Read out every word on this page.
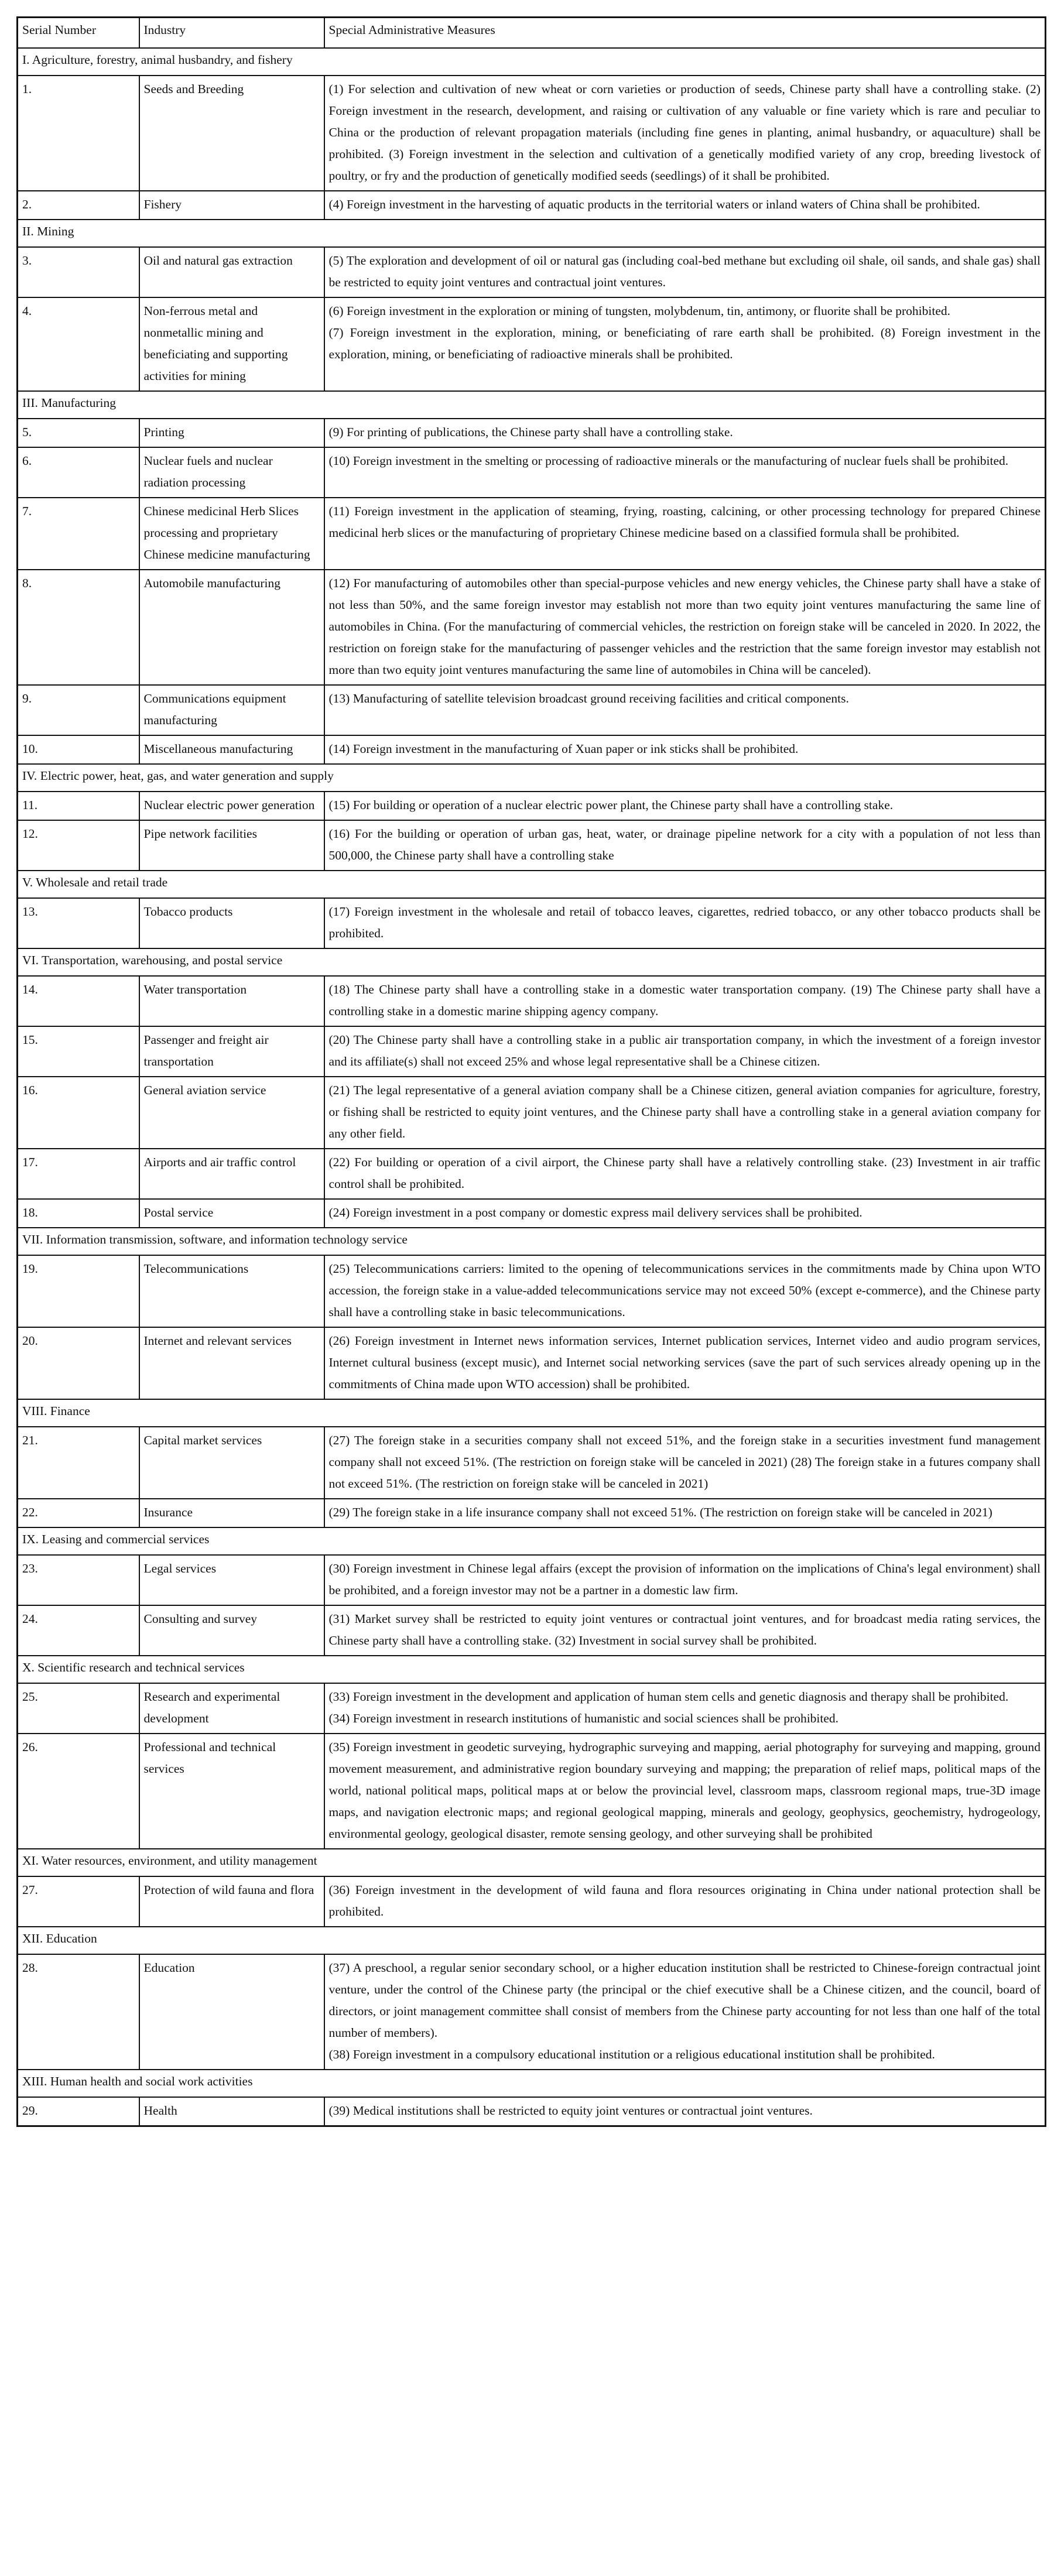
Serial Number	Industry	Special Administrative Measures
I. Agriculture, forestry, animal husbandry, and fishery		
1.	Seeds and Breeding	(1) For selection and cultivation of new wheat or corn varieties or production of seeds, Chinese party shall have a controlling stake. (2) Foreign investment in the research, development, and raising or cultivation of any valuable or fine variety which is rare and peculiar to China or the production of relevant propagation materials (including fine genes in planting, animal husbandry, or aquaculture) shall be prohibited. (3) Foreign investment in the selection and cultivation of a genetically modified variety of any crop, breeding livestock of poultry, or fry and the production of genetically modified seeds (seedlings) of it shall be prohibited.

2.	Fishery	(4) Foreign investment in the harvesting of aquatic products in the territorial waters or inland waters of China shall be prohibited.

II. Mining		
3.	Oil and natural gas extraction	(5) The exploration and development of oil or natural gas (including coal-bed methane but excluding oil shale, oil sands, and shale gas) shall be restricted to equity joint ventures and contractual joint ventures.

4.	Non-ferrous metal and nonmetallic mining and beneficiating and supporting activities for mining	(6) Foreign investment in the exploration or mining of tungsten, molybdenum, tin, antimony, or fluorite shall be prohibited.
(7) Foreign investment in the exploration, mining, or beneficiating of rare earth shall be prohibited. (8) Foreign investment in the exploration, mining, or beneficiating of radioactive minerals shall be prohibited.

III. Manufacturing		
5.	Printing	(9) For printing of publications, the Chinese party shall have a controlling stake.

6.	Nuclear fuels and nuclear radiation processing	(10) Foreign investment in the smelting or processing of radioactive minerals or the manufacturing of nuclear fuels shall be prohibited.

7.	Chinese medicinal Herb Slices processing and proprietary Chinese medicine manufacturing	(11) Foreign investment in the application of steaming, frying, roasting, calcining, or other processing technology for prepared Chinese medicinal herb slices or the manufacturing of proprietary Chinese medicine based on a classified formula shall be prohibited.

8.	Automobile manufacturing	(12) For manufacturing of automobiles other than special-purpose vehicles and new energy vehicles, the Chinese party shall have a stake of not less than 50%, and the same foreign investor may establish not more than two equity joint ventures manufacturing the same line of automobiles in China. (For the manufacturing of commercial vehicles, the restriction on foreign stake will be canceled in 2020. In 2022, the restriction on foreign stake for the manufacturing of passenger vehicles and the restriction that the same foreign investor may establish not more than two equity joint ventures manufacturing the same line of automobiles in China will be canceled).

9.	Communications equipment manufacturing	(13) Manufacturing of satellite television broadcast ground receiving facilities and critical components.

10.	Miscellaneous manufacturing	(14) Foreign investment in the manufacturing of Xuan paper or ink sticks shall be prohibited.

IV. Electric power, heat, gas, and water generation and supply		
11.	Nuclear electric power generation	(15) For building or operation of a nuclear electric power plant, the Chinese party shall have a controlling stake.

12.	Pipe network facilities	(16) For the building or operation of urban gas, heat, water, or drainage pipeline network for a city with a population of not less than 500,000, the Chinese party shall have a controlling stake

V. Wholesale and retail trade		
13.	Tobacco products	(17) Foreign investment in the wholesale and retail of tobacco leaves, cigarettes, redried tobacco, or any other tobacco products shall be prohibited.

VI. Transportation, warehousing, and postal service		
14.	Water transportation	(18) The Chinese party shall have a controlling stake in a domestic water transportation company. (19) The Chinese party shall have a controlling stake in a domestic marine shipping agency company.

15.	Passenger and freight air transportation	(20) The Chinese party shall have a controlling stake in a public air transportation company, in which the investment of a foreign investor and its affiliate(s) shall not exceed 25% and whose legal representative shall be a Chinese citizen.

16.	General aviation service	(21) The legal representative of a general aviation company shall be a Chinese citizen, general aviation companies for agriculture, forestry, or fishing shall be restricted to equity joint ventures, and the Chinese party shall have a controlling stake in a general aviation company for any other field.

17.	Airports and air traffic control	(22) For building or operation of a civil airport, the Chinese party shall have a relatively controlling stake. (23) Investment in air traffic control shall be prohibited.

18.	Postal service	(24) Foreign investment in a post company or domestic express mail delivery services shall be prohibited.

VII. Information transmission, software, and information technology service		
19.	Telecommunications	(25) Telecommunications carriers: limited to the opening of telecommunications services in the commitments made by China upon WTO accession, the foreign stake in a value-added telecommunications service may not exceed 50% (except e-commerce), and the Chinese party shall have a controlling stake in basic telecommunications.

20.	Internet and relevant services	(26) Foreign investment in Internet news information services, Internet publication services, Internet video and audio program services, Internet cultural business (except music), and Internet social networking services (save the part of such services already opening up in the commitments of China made upon WTO accession) shall be prohibited.

VIII. Finance		
21.	Capital market services	(27) The foreign stake in a securities company shall not exceed 51%, and the foreign stake in a securities investment fund management company shall not exceed 51%. (The restriction on foreign stake will be canceled in 2021) (28) The foreign stake in a futures company shall not exceed 51%. (The restriction on foreign stake will be canceled in 2021)

22.	Insurance	(29) The foreign stake in a life insurance company shall not exceed 51%. (The restriction on foreign stake will be canceled in 2021)

IX. Leasing and commercial services		
23.	Legal services	(30) Foreign investment in Chinese legal affairs (except the provision of information on the implications of China's legal environment) shall be prohibited, and a foreign investor may not be a partner in a domestic law firm.

24.	Consulting and survey	(31) Market survey shall be restricted to equity joint ventures or contractual joint ventures, and for broadcast media rating services, the Chinese party shall have a controlling stake. (32) Investment in social survey shall be prohibited.

X. Scientific research and technical services		
25.	Research and experimental development	(33) Foreign investment in the development and application of human stem cells and genetic diagnosis and therapy shall be prohibited.
(34) Foreign investment in research institutions of humanistic and social sciences shall be prohibited.

26.	Professional and technical services	(35) Foreign investment in geodetic surveying, hydrographic surveying and mapping, aerial photography for surveying and mapping, ground movement measurement, and administrative region boundary surveying and mapping; the preparation of relief maps, political maps of the world, national political maps, political maps at or below the provincial level, classroom maps, classroom regional maps, true-3D image maps, and navigation electronic maps; and regional geological mapping, minerals and geology, geophysics, geochemistry, hydrogeology, environmental geology, geological disaster, remote sensing geology, and other surveying shall be prohibited

XI. Water resources, environment, and utility management		
27.	Protection of wild fauna and flora	(36) Foreign investment in the development of wild fauna and flora resources originating in China under national protection shall be prohibited.

XII. Education		
28.	Education	(37) A preschool, a regular senior secondary school, or a higher education institution shall be restricted to Chinese-foreign contractual joint venture, under the control of the Chinese party (the principal or the chief executive shall be a Chinese citizen, and the council, board of directors, or joint management committee shall consist of members from the Chinese party accounting for not less than one half of the total number of members).
(38) Foreign investment in a compulsory educational institution or a religious educational institution shall be prohibited.

XIII. Human health and social work activities		
29.	Health	(39) Medical institutions shall be restricted to equity joint ventures or contractual joint ventures.
